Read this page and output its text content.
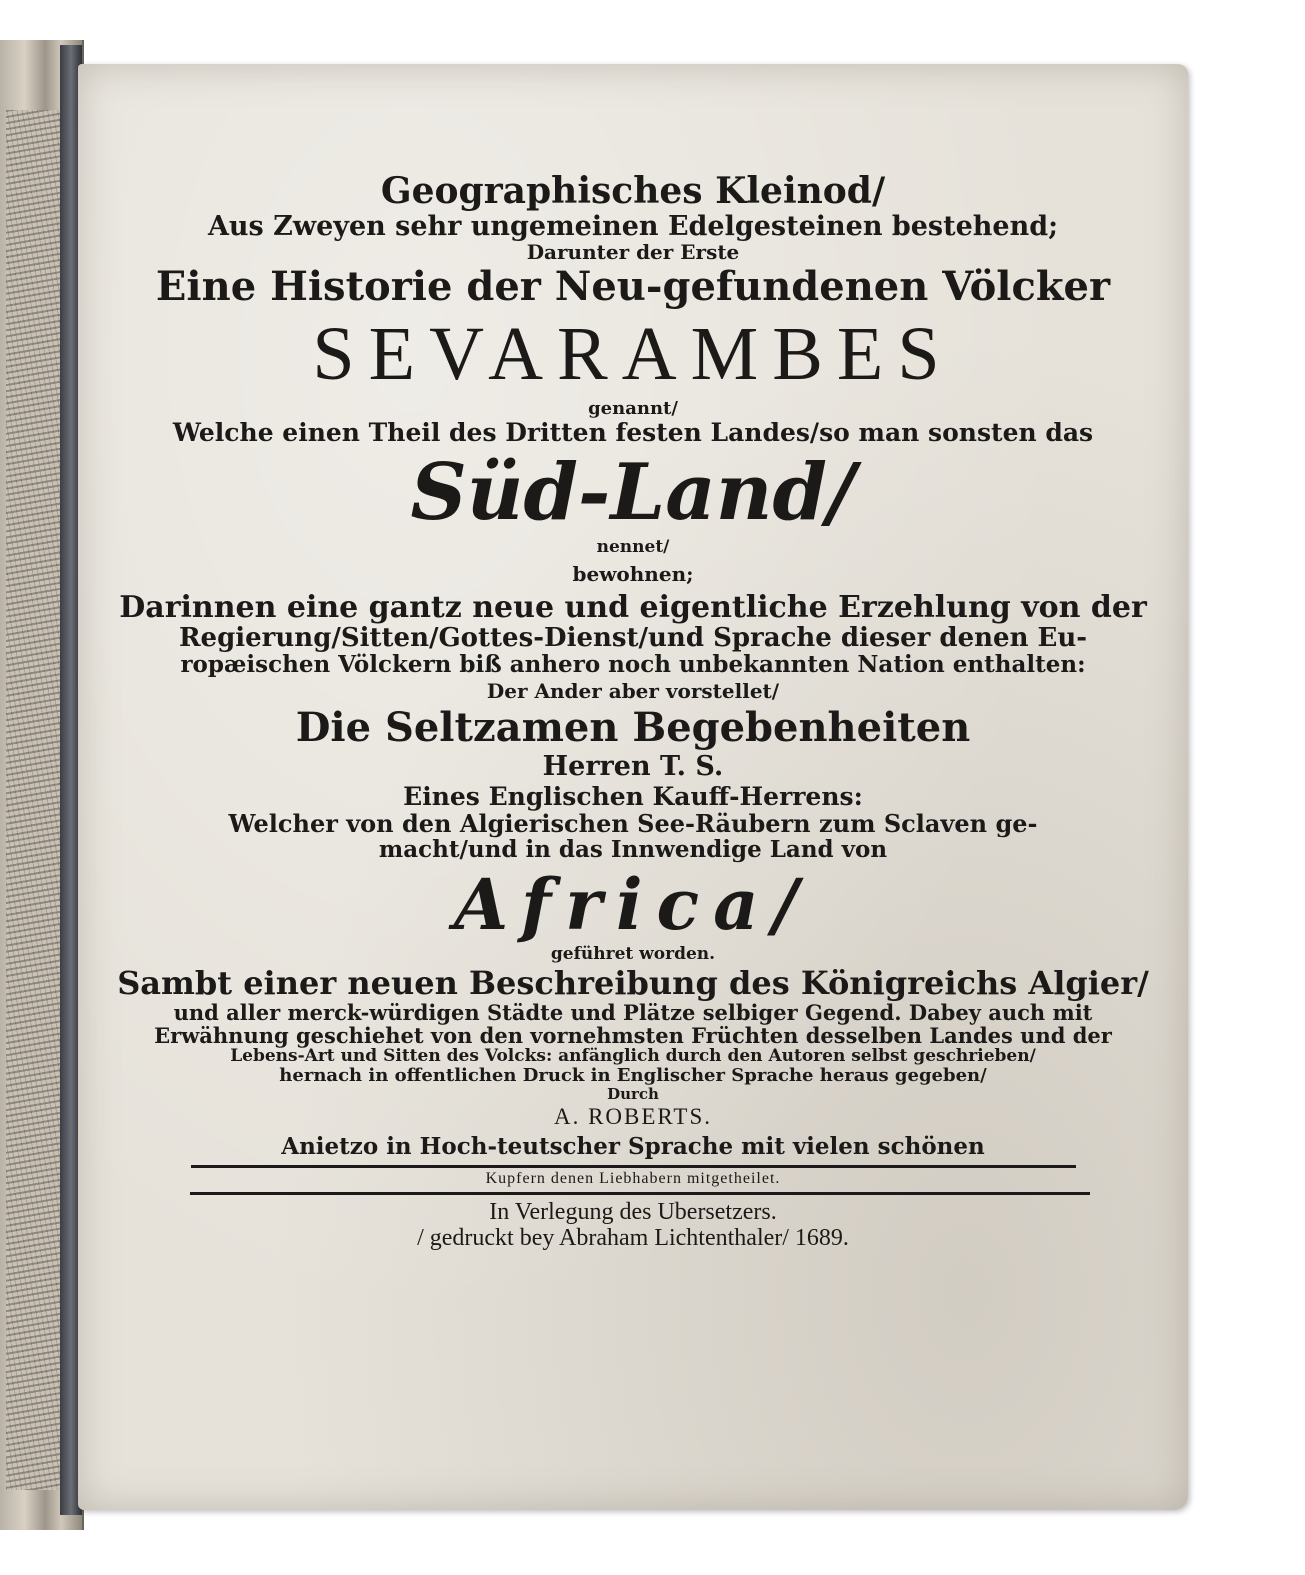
Geographisches Kleinod/
Aus Zweyen sehr ungemeinen Edelgesteinen bestehend;
Darunter der Erste
Eine Historie der Neu-gefundenen Völcker
SEVARAMBES
genannt/
Welche einen Theil des Dritten festen Landes/so man sonsten das
Süd-Land/
nennet/
bewohnen;
Darinnen eine gantz neue und eigentliche Erzehlung von der
Regierung/Sitten/Gottes-Dienst/und Sprache dieser denen Eu-
ropæischen Völckern biß anhero noch unbekannten Nation enthalten:
Der Ander aber vorstellet/
Die Seltzamen Begebenheiten
Herren T. S.
Eines Englischen Kauff-Herrens:
Welcher von den Algierischen See-Räubern zum Sclaven ge-
macht/und in das Innwendige Land von
Africa/
geführet worden.
Sambt einer neuen Beschreibung des Königreichs Algier/
und aller merck-würdigen Städte und Plätze selbiger Gegend. Dabey auch mit
Erwähnung geschiehet von den vornehmsten Früchten desselben Landes und der
Lebens-Art und Sitten des Volcks: anfänglich durch den Autoren selbst geschrieben/
hernach in offentlichen Druck in Englischer Sprache heraus gegeben/
Durch
A. ROBERTS.
Anietzo in Hoch-teutscher Sprache mit vielen schönen
Kupfern denen Liebhabern mitgetheilet.
In Verlegung des Ubersetzers.
/ gedruckt bey Abraham Lichtenthaler/ 1689.
